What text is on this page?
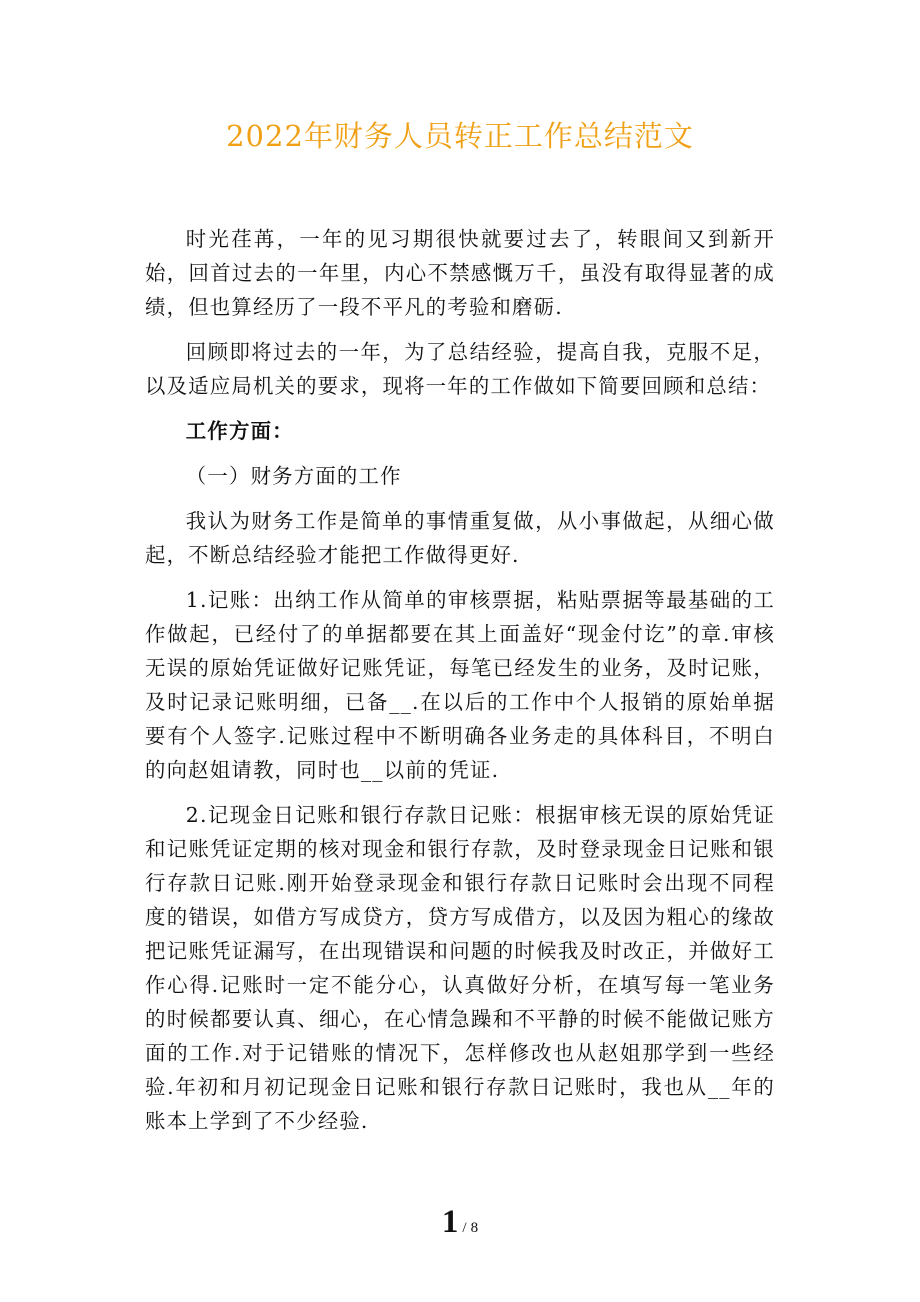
2022年财务人员转正工作总结范文

时光荏苒，一年的见习期很快就要过去了，转眼间又到新开始，回首过去的一年里，内心不禁感慨万千，虽没有取得显著的成绩，但也算经历了一段不平凡的考验和磨砺.

回顾即将过去的一年，为了总结经验，提高自我，克服不足，以及适应局机关的要求，现将一年的工作做如下简要回顾和总结：

工作方面：

（一）财务方面的工作

我认为财务工作是简单的事情重复做，从小事做起，从细心做起，不断总结经验才能把工作做得更好.

1.记账：出纳工作从简单的审核票据，粘贴票据等最基础的工作做起，已经付了的单据都要在其上面盖好“现金付讫”的章.审核无误的原始凭证做好记账凭证，每笔已经发生的业务，及时记账，及时记录记账明细，已备__.在以后的工作中个人报销的原始单据要有个人签字.记账过程中不断明确各业务走的具体科目，不明白的向赵姐请教，同时也__以前的凭证.

2.记现金日记账和银行存款日记账：根据审核无误的原始凭证和记账凭证定期的核对现金和银行存款，及时登录现金日记账和银行存款日记账.刚开始登录现金和银行存款日记账时会出现不同程度的错误，如借方写成贷方，贷方写成借方，以及因为粗心的缘故把记账凭证漏写，在出现错误和问题的时候我及时改正，并做好工作心得.记账时一定不能分心，认真做好分析，在填写每一笔业务的时候都要认真、细心，在心情急躁和不平静的时候不能做记账方面的工作.对于记错账的情况下，怎样修改也从赵姐那学到一些经验.年初和月初记现金日记账和银行存款日记账时，我也从__年的账本上学到了不少经验.

1 / 8
